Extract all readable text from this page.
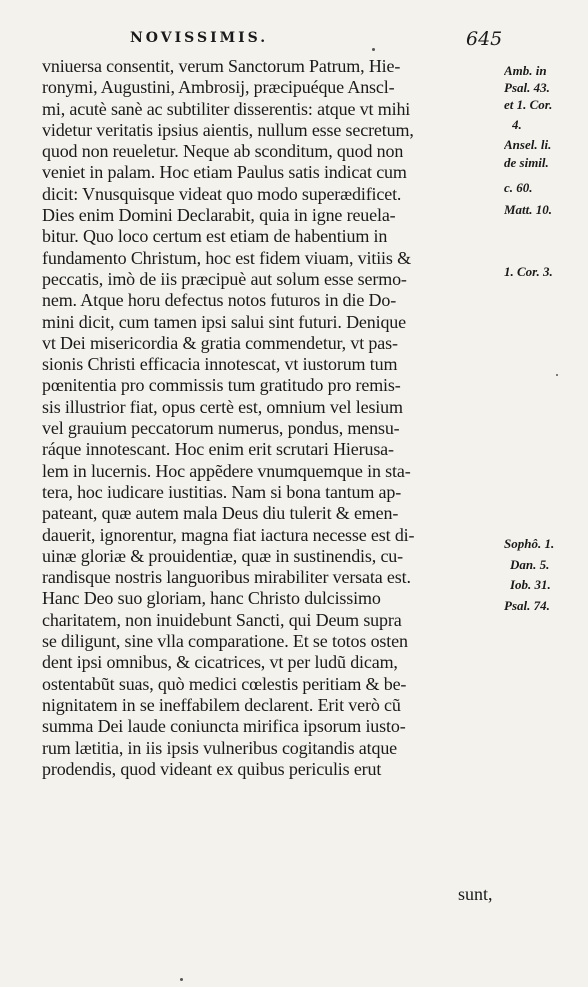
NOVISSIMIS.	645
vniuersa consentit, verum Sanctorum Patrum, Hie-
ronymi, Augustini, Ambrosij, præcipuéque Anscl-
mi, acutè sanè ac subtiliter disserentis: atque vt mihi
videtur veritatis ipsius aientis, nullum esse secretum,
quod non reueletur. Neque ab sconditum, quod non
veniet in palam. Hoc etiam Paulus satis indicat cum
dicit: Vnusquisque videat quo modo superædificet.
Dies enim Domini Declarabit, quia in igne reuela-
bitur. Quo loco certum est etiam de habentium in
fundamento Christum, hoc est fidem viuam, vitiis &
peccatis, imò de iis præcipuè aut solum esse sermo-
nem. Atque horu defectus notos futuros in die Do-
mini dicit, cum tamen ipsi salui sint futuri. Denique
vt Dei misericordia & gratia commendetur, vt pas-
sionis Christi efficacia innotescat, vt iustorum tum
pœnitentia pro commissis tum gratitudo pro remis-
sis illustrior fiat, opus certè est, omnium vel lesium
vel grauium peccatorum numerus, pondus, mensu-
ráque innotescant. Hoc enim erit scrutari Hierusa-
lem in lucernis. Hoc appẽdere vnumquemque in sta-
tera, hoc iudicare iustitias. Nam si bona tantum ap-
pateant, quæ autem mala Deus diu tulerit & emen-
dauerit, ignorentur, magna fiat iactura necesse est di-
uinæ gloriæ & prouidentiæ, quæ in sustinendis, cu-
randisque nostris languoribus mirabiliter versata est.
Hanc Deo suo gloriam, hanc Christo dulcissimo
charitatem, non inuidebunt Sancti, qui Deum supra
se diligunt, sine vlla comparatione. Et se totos osten
dent ipsi omnibus, & cicatrices, vt per ludũ dicam,
ostentabũt suas, quò medici cœlestis peritiam & be-
nignitatem in se ineffabilem declarent. Erit verò cũ
summa Dei laude coniuncta mirifica ipsorum iusto-
rum lætitia, in iis ipsis vulneribus cogitandis atque
prodendis, quod videant ex quibus periculis erut
sunt,
Amb. in
Psal. 43.
et 1. Cor.
4.
Ansel. li.
de simil.
c. 60.
Matt. 10.
1. Cor. 3.
Sophô. 1.
Dan. 5.
Iob. 31.
Psal. 74.
